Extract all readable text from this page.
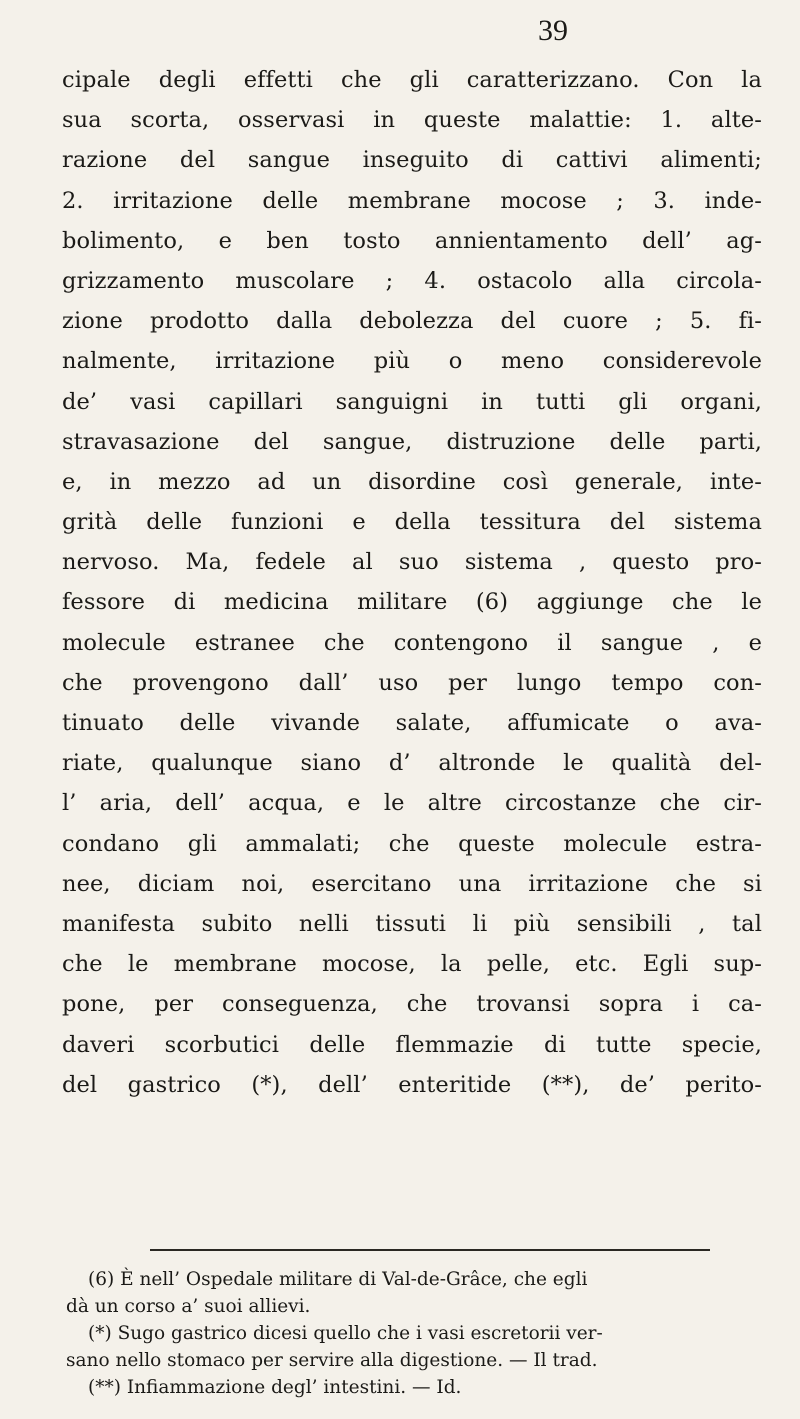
39
cipale degli effetti che gli caratterizzano. Con la
sua scorta, osservasi in queste malattie: 1. alte-
razione del sangue inseguito di cattivi alimenti;
2. irritazione delle membrane mocose ; 3. inde-
bolimento, e ben tosto annientamento dell’ ag-
grizzamento muscolare ; 4. ostacolo alla circola-
zione prodotto dalla debolezza del cuore ; 5. fi-
nalmente, irritazione più o meno considerevole
de’ vasi capillari sanguigni in tutti gli organi,
stravasazione del sangue, distruzione delle parti,
e, in mezzo ad un disordine così generale, inte-
grità delle funzioni e della tessitura del sistema
nervoso. Ma, fedele al suo sistema , questo pro-
fessore di medicina militare (6) aggiunge che le
molecule estranee che contengono il sangue , e
che provengono dall’ uso per lungo tempo con-
tinuato delle vivande salate, affumicate o ava-
riate, qualunque siano d’ altronde le qualità del-
l’ aria, dell’ acqua, e le altre circostanze che cir-
condano gli ammalati; che queste molecule estra-
nee, diciam noi, esercitano una irritazione che si
manifesta subito nelli tissuti li più sensibili , tal
che le membrane mocose, la pelle, etc. Egli sup-
pone, per conseguenza, che trovansi sopra i ca-
daveri scorbutici delle flemmazie di tutte specie,
del gastrico (*), dell’ enteritide (**), de’ perito-
(6) È nell’ Ospedale militare di Val-de-Grâce, che egli
dà un corso a’ suoi allievi.
(*) Sugo gastrico dicesi quello che i vasi escretorii ver-
sano nello stomaco per servire alla digestione. — Il trad.
(**) Infiammazione degl’ intestini. — Id.
